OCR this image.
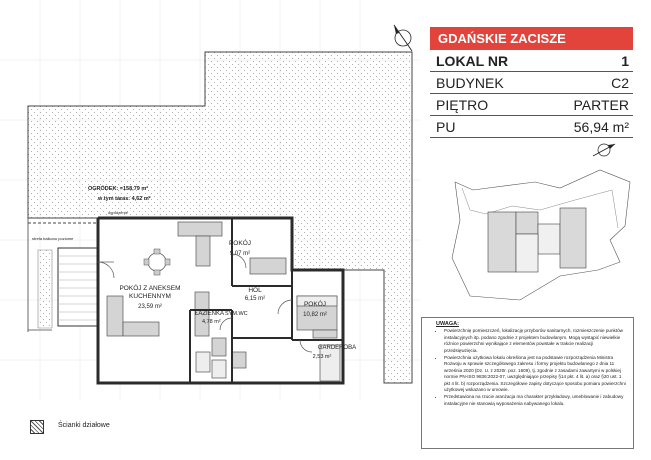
OGRÓDEK: =158,79 m²
w tym taras: 4,62 m²
strefa balkonu poziome
ogrodzenie
POKÓJ Z ANEKSEM
KUCHENNYM
23,59 m²
POKÓJ
9,07 m²
HOL
6,15 m²
POKÓJ
10,82 m²
ŁAZIENKA
4,78 m²
SYM.WC
GARDEROBA
2,53 m²
GDAŃSKIE ZACISZE
LOKAL NR	1
BUDYNEK	C2
PIĘTRO	PARTER
PU	56,94 m²
UWAGA:
• Powierzchnię pomieszczeń, lokalizację przyborów sanitarnych, rozmieszczenie punktów instalacyjnych itp. podano zgodnie z projektem budowlanym. Mogą wystąpić niewielkie różnice powierzchni wynikające z elementów powstałe w trakcie realizacji przedsięwzięcia.
• Powierzchnia użytkowa lokalu określona jest na podstawie rozporządzenia Ministra Rozwoju w sprawie szczegółowego zakresu i formy projektu budowlanego z dnia 11 września 2020 (Dz. U. z 2020r. poz. 1609), tj. zgodnie z zasadami zawartymi w polskiej normie PN-ISO 9836:2022-07, uwzględniające przepisy §14 pkt. 4 lit. a) oraz §20 ust. 1 pkt 4 lit. b) rozporządzenia. Szczegółowe zapisy dotyczące sposobu pomiaru powierzchni użytkowej wskazano w umowie.
• Przedstawiona na rzucie aranżacja ma charakter przykładowy, umeblowanie i zabudowy instalacyjne nie stanowią wyposażenia nabywanego lokalu.
Ścianki działowe
